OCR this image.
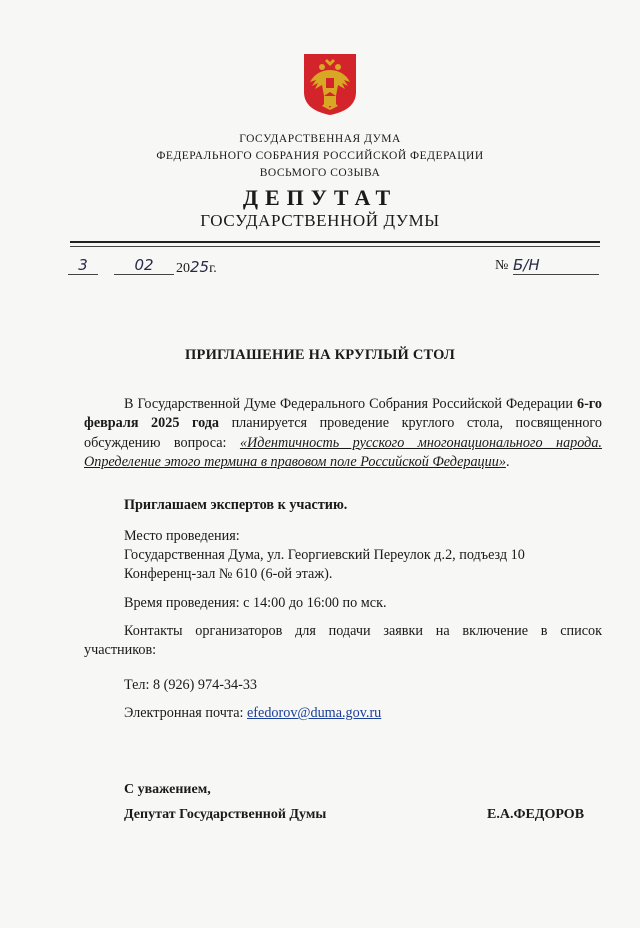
ГОСУДАРСТВЕННАЯ ДУМА
ФЕДЕРАЛЬНОГО СОБРАНИЯ РОССИЙСКОЙ ФЕДЕРАЦИИ
ВОСЬМОГО СОЗЫВА
ДЕПУТАТ
ГОСУДАРСТВЕННОЙ ДУМЫ
3	02	2025г.	№ Б/Н
ПРИГЛАШЕНИЕ НА КРУГЛЫЙ СТОЛ
В Государственной Думе Федерального Собрания Российской Федерации 6-го февраля 2025 года планируется проведение круглого стола, посвященного обсуждению вопроса: «Идентичность русского многонационального народа. Определение этого термина в правовом поле Российской Федерации».
Приглашаем экспертов к участию.
Место проведения:
Государственная Дума, ул. Георгиевский Переулок д.2, подъезд 10
Конференц-зал № 610 (6-ой этаж).
Время проведения: с 14:00 до 16:00 по мск.
Контакты организаторов для подачи заявки на включение в список участников:
Тел: 8 (926) 974-34-33
Электронная почта: efedorov@duma.gov.ru
С уважением,
Депутат Государственной Думы	Е.А.ФЕДОРОВ
